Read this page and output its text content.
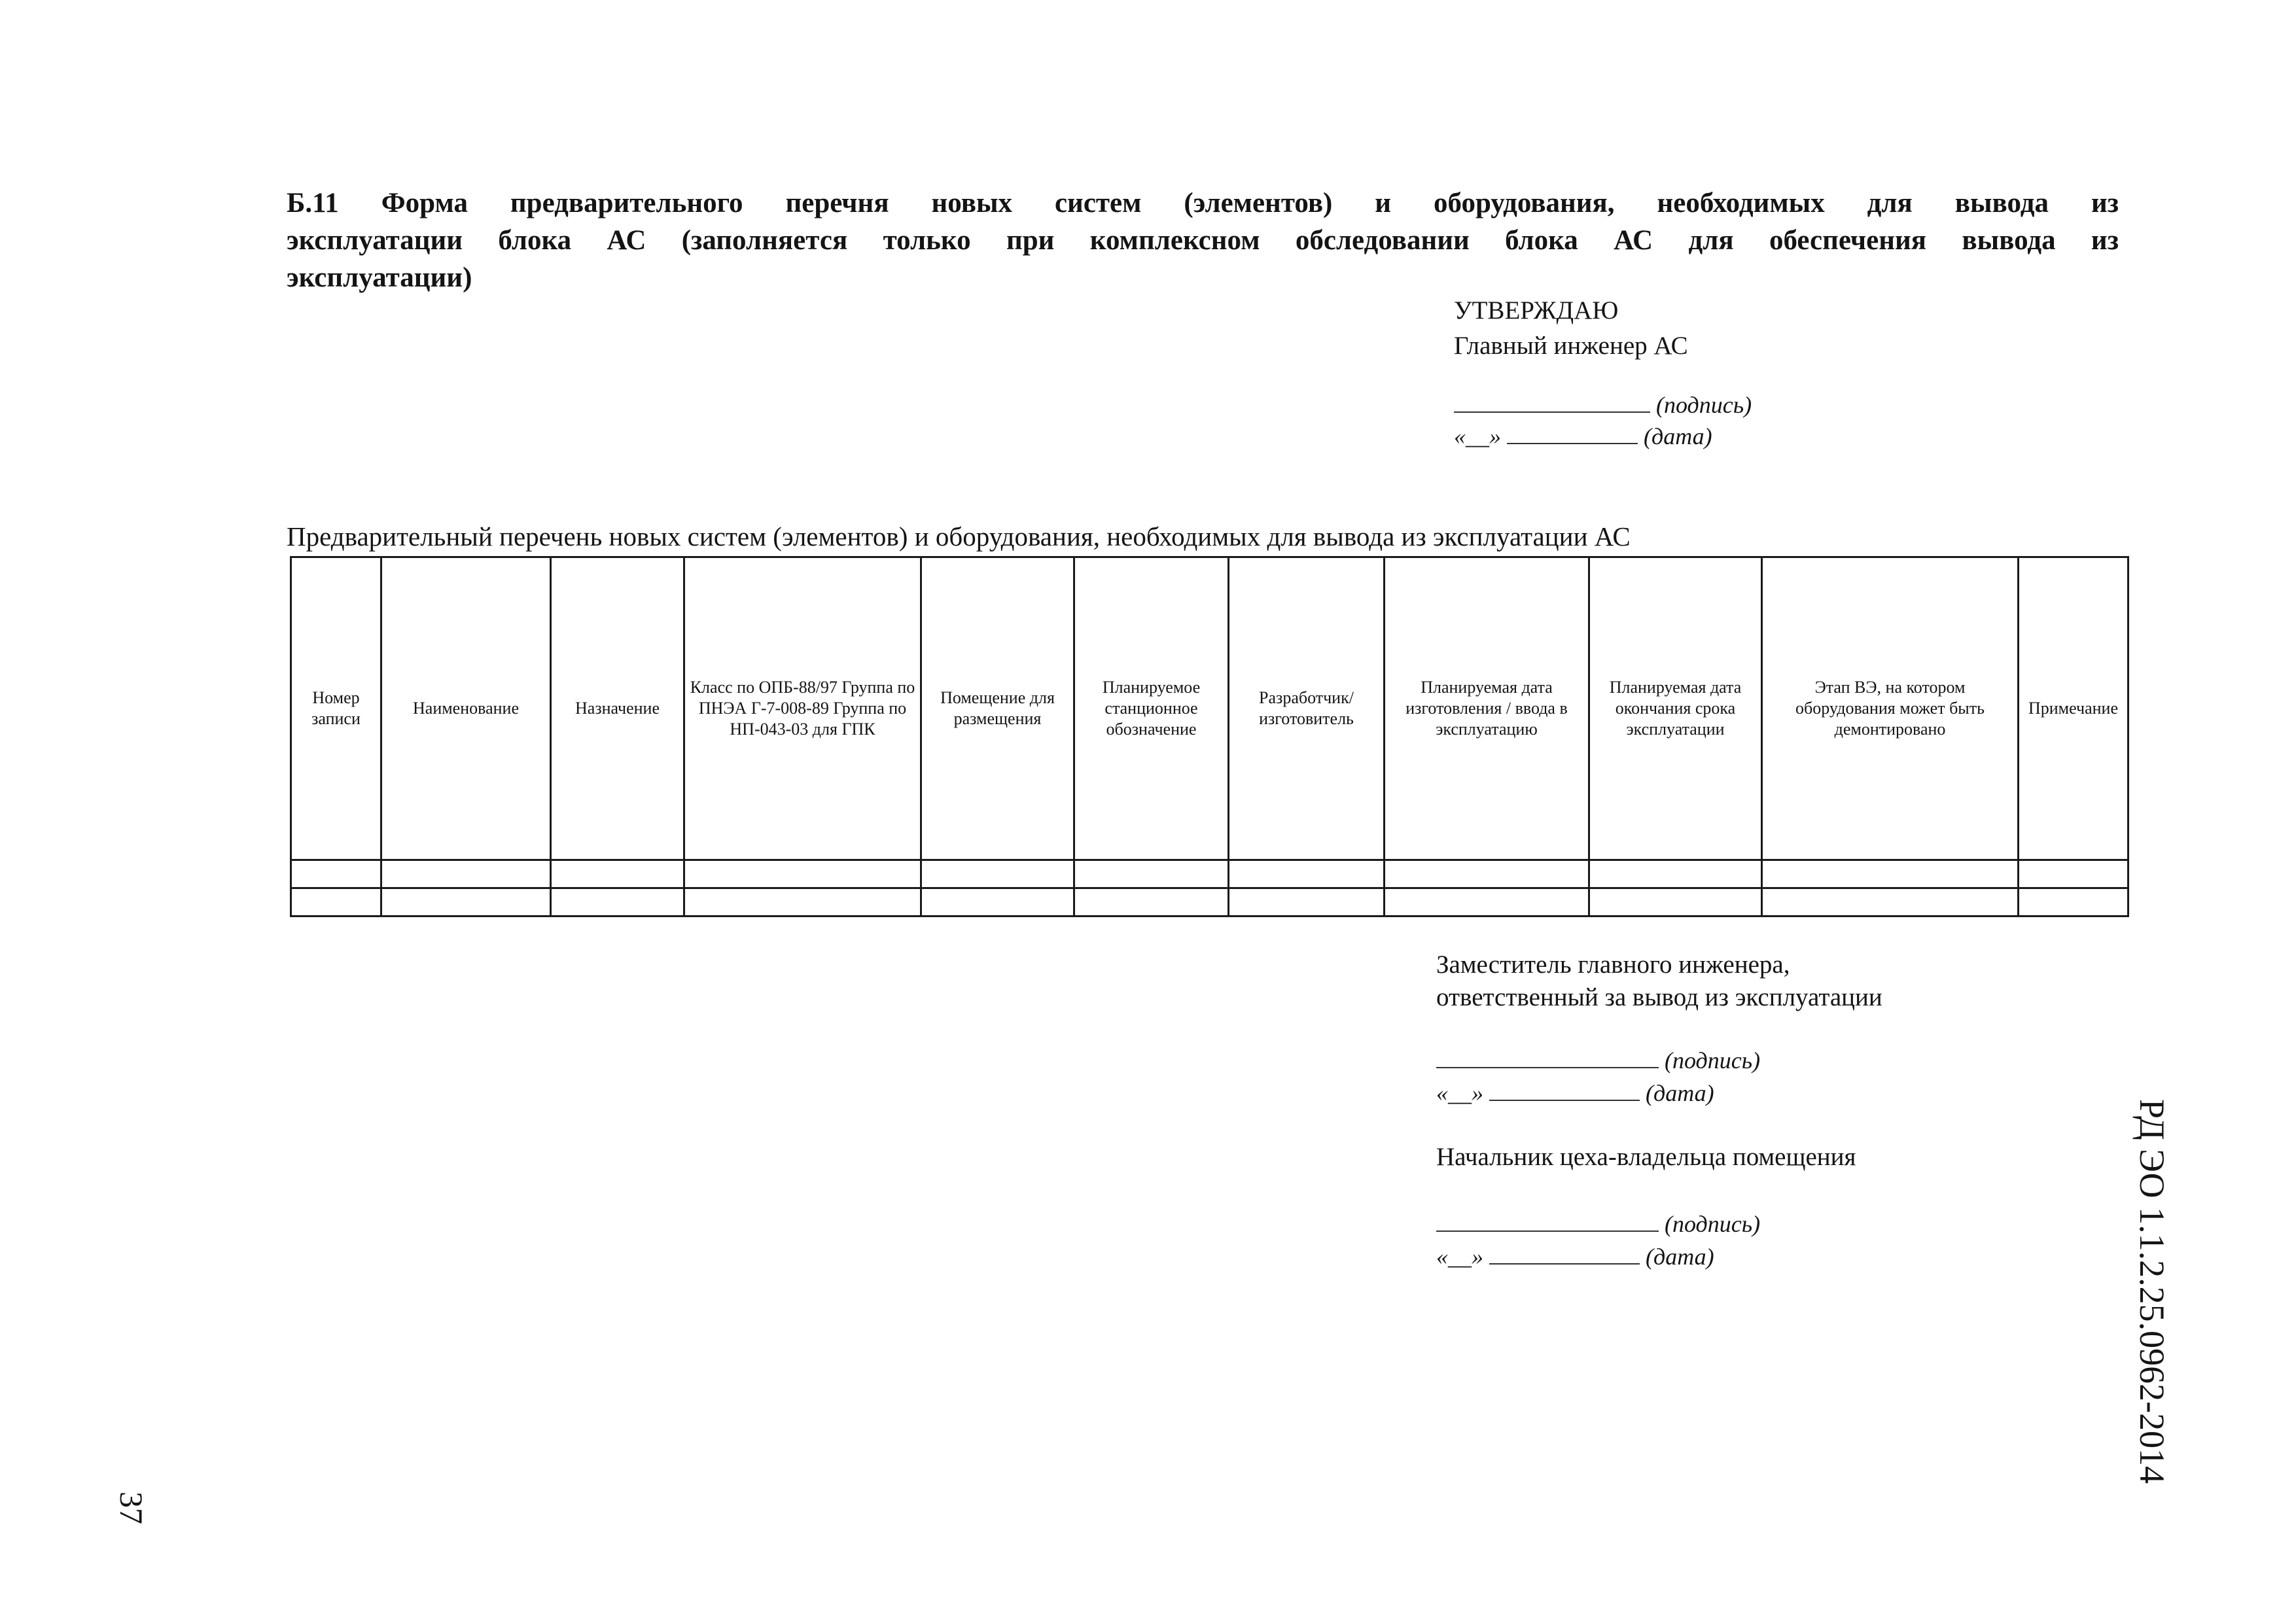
Б.11 Форма предварительного перечня новых систем (элементов) и оборудования, необходимых для вывода из
эксплуатации блока АС (заполняется только при комплексном обследовании блока АС для обеспечения вывода из
эксплуатации)
УТВЕРЖДАЮ
Главный инженер АС
(подпись)
«__»	(дата)
Предварительный перечень новых систем (элементов) и оборудования, необходимых для вывода из эксплуатации АС
Номер записи	Наименование	Назначение	Класс по ОПБ-88/97 Группа по ПНЭА Г-7-008-89 Группа по НП-043-03 для ГПК	Помещение для размещения	Планируемое станционное обозначение	Разработчик/ изготовитель	Планируемая дата изготовления / ввода в эксплуатацию	Планируемая дата окончания срока эксплуатации	Этап ВЭ, на котором оборудования может быть демонтировано	Примечание

Заместитель главного инженера,
ответственный за вывод из эксплуатации
(подпись)
«__»	(дата)
Начальник цеха-владельца помещения
(подпись)
«__»	(дата)	РД ЭО 1.1.2.25.0962-2014
37
